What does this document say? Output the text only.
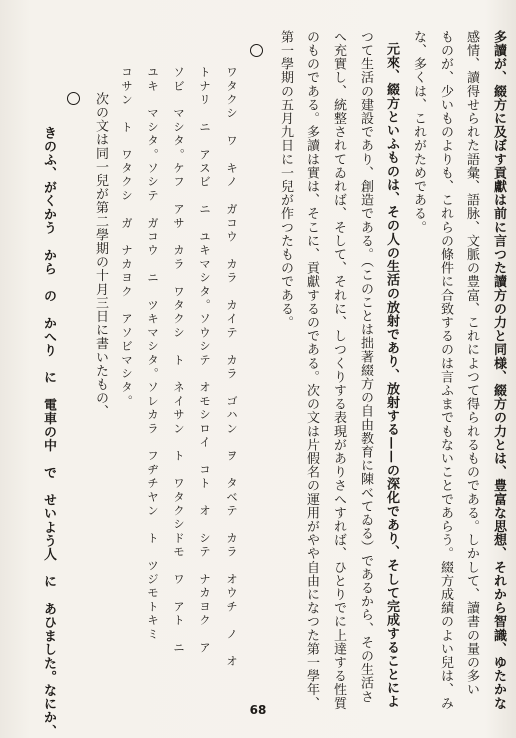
多讀が、綴方に及ぼす貢獻は前に言つた讀方の力と同様、綴方の力とは、豊富な思想、それから智識、ゆたかな
感情、讀得せられた語彙、語脉、文脈の豊富、これによつて得られるものである。しかして、讀書の量の多い
ものが、少いものよりも、これらの條件に合致するのは言ふまでもないことであらう。綴方成績のよい兒は、み
な、多くは、これがためである。
元來、綴方といふものは、その人の生活の放射であり、放射する——の深化であり、そして完成することによ
つて生活の建設であり、創造である。（このことは拙著綴方の自由教育に陳べてゐる）であるから、その生活さ
へ充實し、統整されてゐれば、そして、それに、しつくりする表現がありさへすれば、ひとりでに上達する性質
のものである。多讀は實は、そこに、貢獻するのである。次の文は片假名の運用がやや自由になつた第一學年、
第一學期の五月九日に一兒が作つたものである。
ワタクシ　ワ　キノ　ガコウ　カラ　カイテ　カラ　ゴハン　ヲ　タベテ　カラ　オウチ　ノ　オ
トナリ　ニ　アスビ　ニ　ユキマシタ。ソウシテ　オモシロイ　コト　オ　シテ　ナカヨク　ア
ソビ　マシタ。ケフ　アサ　カラ　ワタクシ　ト　ネイサン　ト　ワタクシドモ　ワ　アト　ニ
ユキ　マシタ。ソシテ　ガコウ　ニ　ツキマシタ。ソレカラ　フヂチヤン　ト　ツジモトキミ
コサン　ト　ワタクシ　ガ　ナカヨク　アソビマシタ。
次の文は同一兒が第二學期の十月三日に書いたもの、
きのふ、がくかう　から　の　かへり　に　電車の中　で　せいよう人　に　あひました。なにか、	68
